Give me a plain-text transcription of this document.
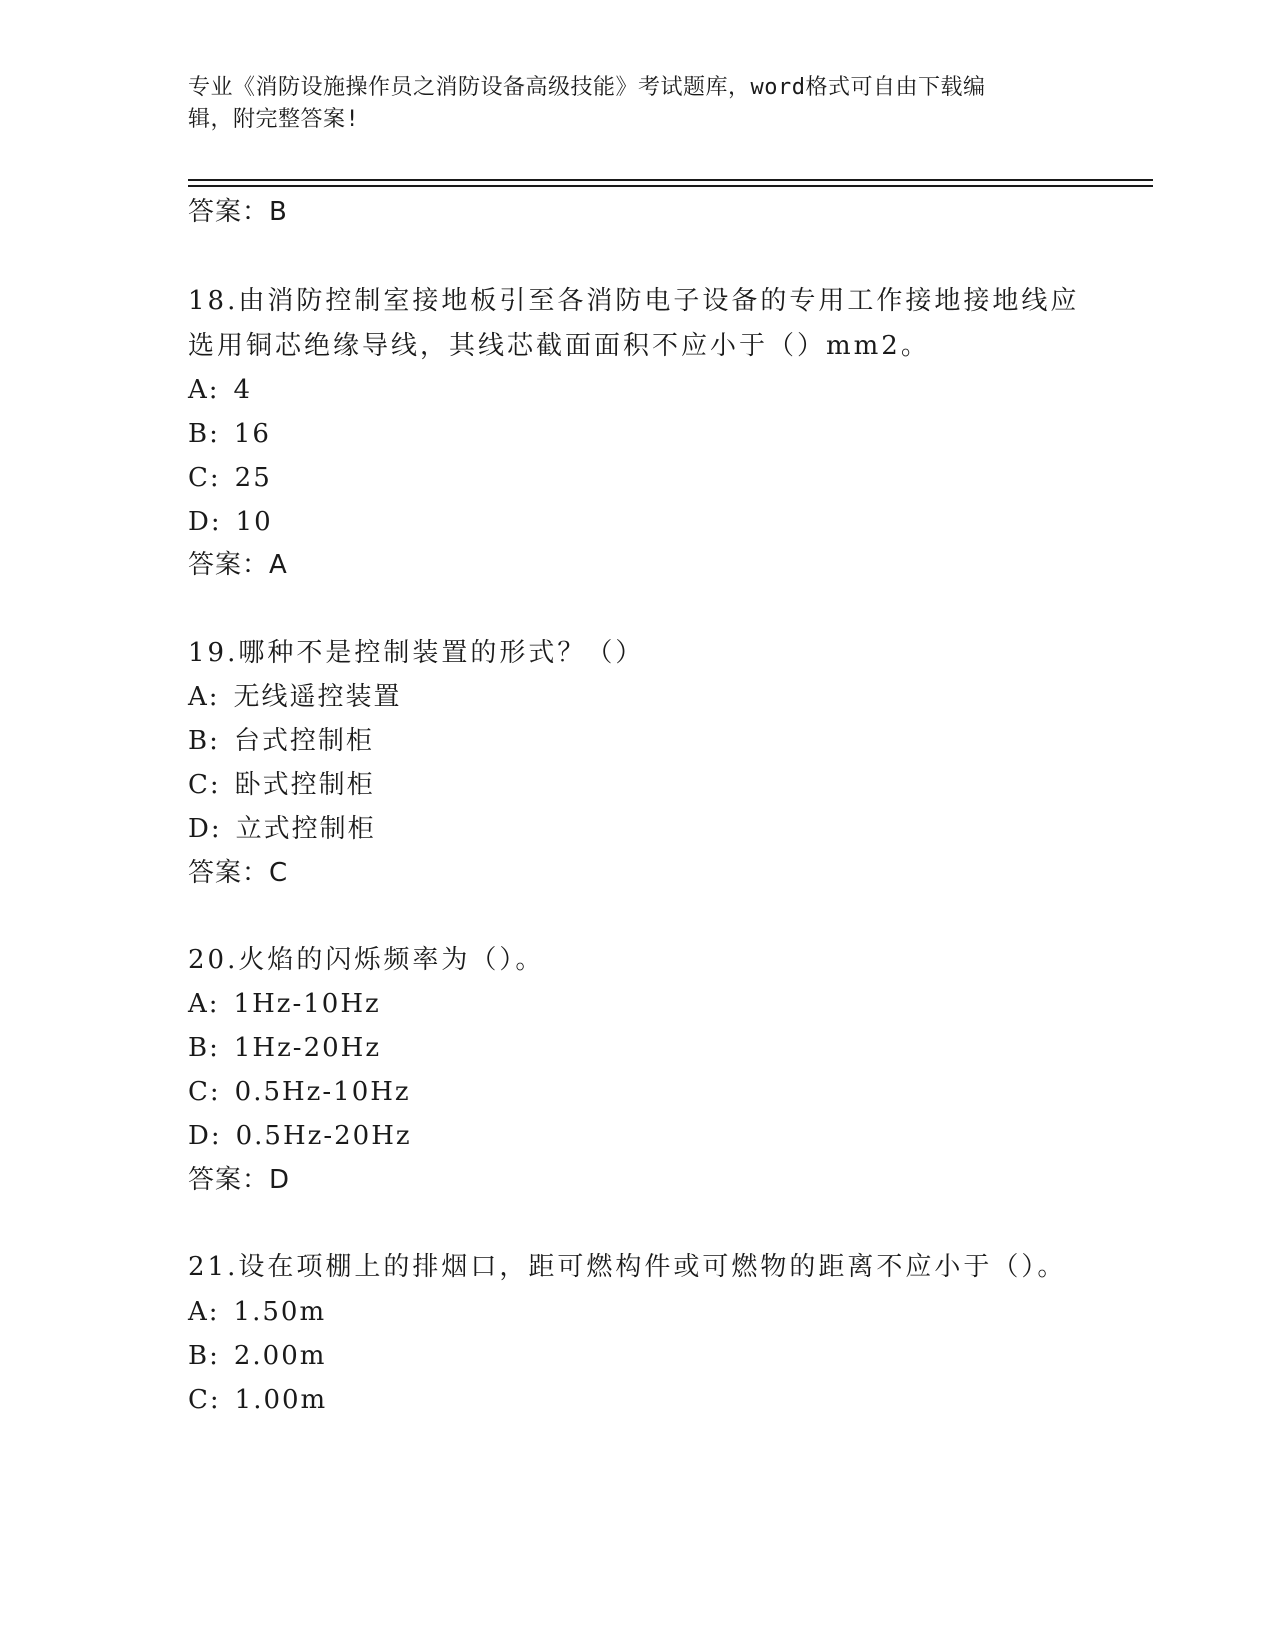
专业《消防设施操作员之消防设备高级技能》考试题库，word格式可自由下载编
辑，附完整答案!
答案：B
18.由消防控制室接地板引至各消防电子设备的专用工作接地接地线应
选用铜芯绝缘导线，其线芯截面面积不应小于（）mm2。
A: 4
B: 16
C: 25
D: 10
答案：A
19.哪种不是控制装置的形式？（）
A: 无线遥控装置
B: 台式控制柜
C: 卧式控制柜
D: 立式控制柜
答案：C
20.火焰的闪烁频率为（）。
A: 1Hz-10Hz
B: 1Hz-20Hz
C: 0.5Hz-10Hz
D: 0.5Hz-20Hz
答案：D
21.设在项棚上的排烟口，距可燃构件或可燃物的距离不应小于（）。
A: 1.50m
B: 2.00m
C: 1.00m
